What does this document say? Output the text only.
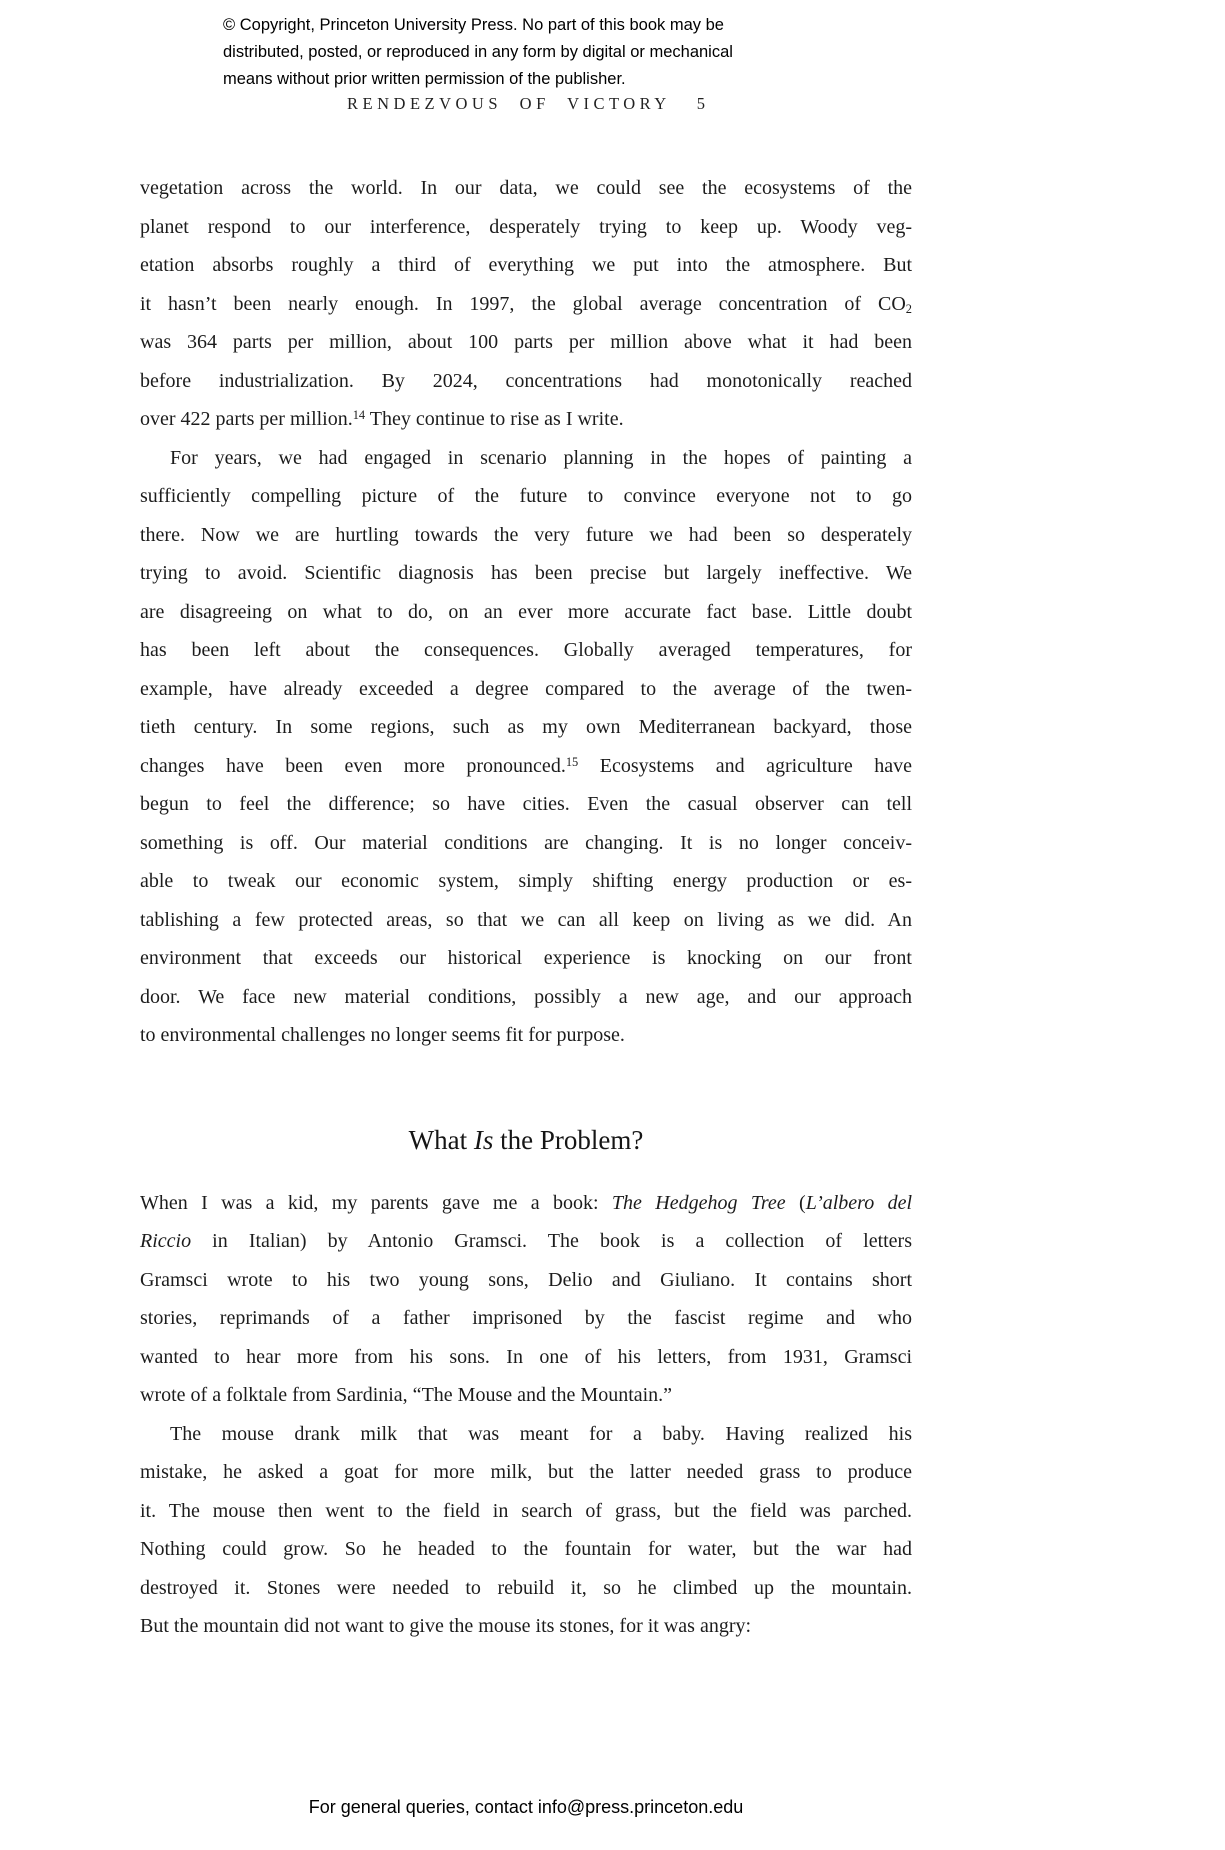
© Copyright, Princeton University Press. No part of this book may be
distributed, posted, or reproduced in any form by digital or mechanical
means without prior written permission of the publisher.
RENDEZVOUS OF VICTORY 5
vegetation across the world. In our data, we could see the ecosystems of the
planet respond to our interference, desperately trying to keep up. Woody veg-
etation absorbs roughly a third of everything we put into the atmosphere. But
it hasn’t been nearly enough. In 1997, the global average concentration of $CO_2$
was 364 parts per million, about 100 parts per million above what it had been
before industrialization. By 2024, concentrations had monotonically reached
over 422 parts per million.$^{14}$ They continue to rise as I write.
For years, we had engaged in scenario planning in the hopes of painting a
sufficiently compelling picture of the future to convince everyone not to go
there. Now we are hurtling towards the very future we had been so desperately
trying to avoid. Scientific diagnosis has been precise but largely ineffective. We
are disagreeing on what to do, on an ever more accurate fact base. Little doubt
has been left about the consequences. Globally averaged temperatures, for
example, have already exceeded a degree compared to the average of the twen-
tieth century. In some regions, such as my own Mediterranean backyard, those
changes have been even more pronounced.$^{15}$ Ecosystems and agriculture have
begun to feel the difference; so have cities. Even the casual observer can tell
something is off. Our material conditions are changing. It is no longer conceiv-
able to tweak our economic system, simply shifting energy production or es-
tablishing a few protected areas, so that we can all keep on living as we did. An
environment that exceeds our historical experience is knocking on our front
door. We face new material conditions, possibly a new age, and our approach
to environmental challenges no longer seems fit for purpose.
What Is the Problem?
When I was a kid, my parents gave me a book: The Hedgehog Tree (L’albero del
Riccio in Italian) by Antonio Gramsci. The book is a collection of letters
Gramsci wrote to his two young sons, Delio and Giuliano. It contains short
stories, reprimands of a father imprisoned by the fascist regime and who
wanted to hear more from his sons. In one of his letters, from 1931, Gramsci
wrote of a folktale from Sardinia, “The Mouse and the Mountain.”
The mouse drank milk that was meant for a baby. Having realized his
mistake, he asked a goat for more milk, but the latter needed grass to produce
it. The mouse then went to the field in search of grass, but the field was parched.
Nothing could grow. So he headed to the fountain for water, but the war had
destroyed it. Stones were needed to rebuild it, so he climbed up the mountain.
But the mountain did not want to give the mouse its stones, for it was angry:
For general queries, contact info@press.princeton.edu
